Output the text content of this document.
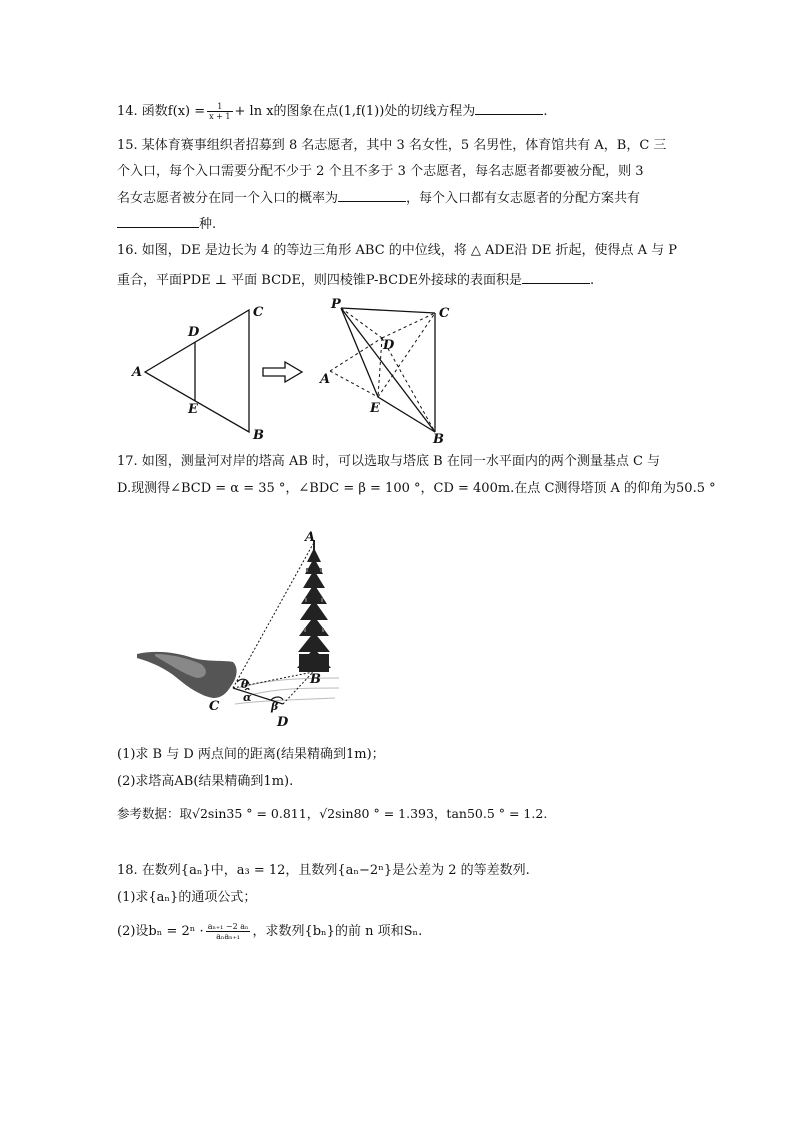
14. 函数$f(x) = \frac{1}{x + 1} + \ln x$的图象在点(1,f(1))处的切线方程为	.
15. 某体育赛事组织者招募到 8 名志愿者，其中 3 名女性，5 名男性，体育馆共有 A，B，C 三
个入口，每个入口需要分配不少于 2 个且不多于 3 个志愿者，每名志愿者都要被分配，则 3
名女志愿者被分在同一个入口的概率为	，每个入口都有女志愿者的分配方案共有
种.
16. 如图，DE 是边长为 4 的等边三角形 ABC 的中位线，将 △ ADE沿 DE 折起，使得点 A 与 P
重合，平面PDE ⊥ 平面 BCDE，则四棱锥P-BCDE外接球的表面积是	.
A
D
E
C
B
P
C
D
A
E
B
17. 如图，测量河对岸的塔高 AB 时，可以选取与塔底 B 在同一水平面内的两个测量基点 C 与
D.现测得∠BCD = α = 35 °，∠BDC = β = 100 °，CD = 400m.在点 C测得塔顶 A 的仰角为50.5 °
A
B
C
D
θ
α
β
(1)求 B 与 D 两点间的距离(结果精确到1m)；
(2)求塔高AB(结果精确到1m).
参考数据：取√2sin35 ° = 0.811，√2sin80 ° = 1.393，tan50.5 ° = 1.2.
18. 在数列{aₙ}中，a₃ = 12，且数列{aₙ−2ⁿ}是公差为 2 的等差数列.
(1)求{aₙ}的通项公式；
(2)设$b_n = 2^n \cdot \frac{\text{aₙ₊₁ −2 aₙ}}{\text{aₙaₙ₊₁}}$ ，求数列{bₙ}的前 n 项和Sₙ.
